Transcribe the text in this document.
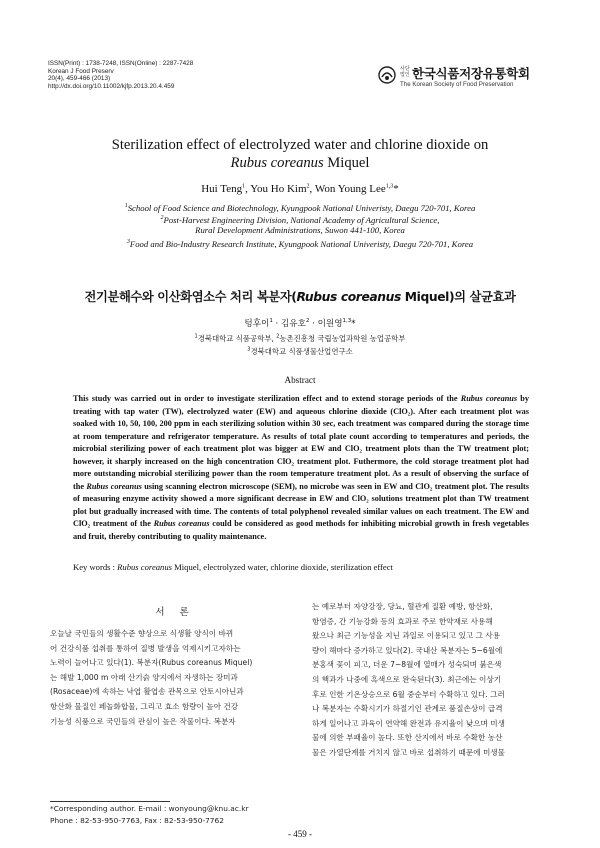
ISSN(Print) : 1738-7248, ISSN(Online) : 2287-7428
Korean J Food Preserv
20(4), 459-466 (2013)
http://dx.doi.org/10.11002/kjfp.2013.20.4.459
사단법인 한국식품저장유통학회
The Korean Society of Food Preservation
Sterilization effect of electrolyzed water and chlorine dioxide on
Rubus coreanus Miquel
Hui Teng$^1$, You Ho Kim$^2$, Won Young Lee$^{1,3}$*
$^1$School of Food Science and Biotechnology, Kyungpook National Univeristy, Daegu 720-701, Korea
$^2$Post-Harvest Engineering Division, National Academy of Agricultural Science,
Rural Development Administrations, Suwon 441-100, Korea
$^3$Food and Bio-Industry Research Institute, Kyungpook National Univeristy, Daegu 720-701, Korea
전기분해수와 이산화염소수 처리 복분자(Rubus coreanus Miquel)의 살균효과
텅후이$^1$ · 김유호$^2$ · 이원영$^{1,3}$*
$^1$경북대학교 식품공학부, $^2$농촌진흥청 국립농업과학원 농업공학부
$^3$경북대학교 식품생물산업연구소
Abstract
This study was carried out in order to investigate sterilization effect and to extend storage periods of the Rubus coreanus by treating with tap water (TW), electrolyzed water (EW) and aqueous chlorine dioxide (ClO₂). After each treatment plot was soaked with 10, 50, 100, 200 ppm in each sterilizing solution within 30 sec, each treatment was compared during the storage time at room temperature and refrigerator temperature. As results of total plate count according to temperatures and periods, the microbial sterilizing power of each treatment plot was bigger at EW and ClO₂ treatment plots than the TW treatment plot; however, it sharply increased on the high concentration ClO₂ treatment plot. Futhermore, the cold storage treatment plot had more outstanding microbial sterilizing power than the room temperature treatment plot. As a result of observing the surface of the Rubus coreanus using scanning electron microscope (SEM), no microbe was seen in EW and ClO₂ treatment plot. The results of measuring enzyme activity showed a more significant decrease in EW and ClO₂ solutions treatment plot than TW treatment plot but gradually increased with time. The contents of total polyphenol revealed similar values on each treatment. The EW and ClO₂ treatment of the Rubus coreanus could be considered as good methods for inhibiting microbial growth in fresh vegetables and fruit, thereby contributing to quality maintenance.
Key words : Rubus coreanus Miquel, electrolyzed water, chlorine dioxide, sterilization effect
서 론
오늘날 국민들의 생활수준 향상으로 식생활 양식이 바뀌
어 건강식품 섭취를 통하여 질병 발생을 억제시키고자하는
노력이 늘어나고 있다(1). 복분자(Rubus coreanus Miquel)
는 해발 1,000 m 아래 산기슭 양지에서 자생하는 장미과
(Rosaceae)에 속하는 낙엽 활엽송 관목으로 안토시아닌과
항산화 물질인 페놀화합물, 그리고 효소 함량이 높아 건강
기능성 식품으로 국민들의 관심이 높은 작물이다. 복분자
는 예로부터 자양강장, 당뇨, 혈관계 질환 예방, 항산화,
항염증, 간 기능강화 등의 효과로 주로 한약재로 사용해
왔으나 최근 기능성을 지닌 과일로 이용되고 있고 그 사용
량이 해마다 증가하고 있다(2). 국내산 복분자는 5~6월에
분홍색 꽃이 피고, 더운 7~8월에 열매가 성숙되며 붉은색
의 핵과가 나중에 흑색으로 완숙된다(3). 최근에는 이상기
후로 인한 기온상승으로 6월 중순부터 수확하고 있다. 그러
나 복분자는 수확시기가 하절기인 관계로 품질손상이 급격
하게 일어나고 과육이 연약해 완전과 유지율이 낮으며 미생
물에 의한 부패율이 높다. 또한 산지에서 바로 수확한 농산
물은 가열단계를 거치지 않고 바로 섭취하기 때문에 미생물
*Corresponding author. E-mail : wonyoung@knu.ac.kr
Phone : 82-53-950-7763, Fax : 82-53-950-7762
- 459 -
